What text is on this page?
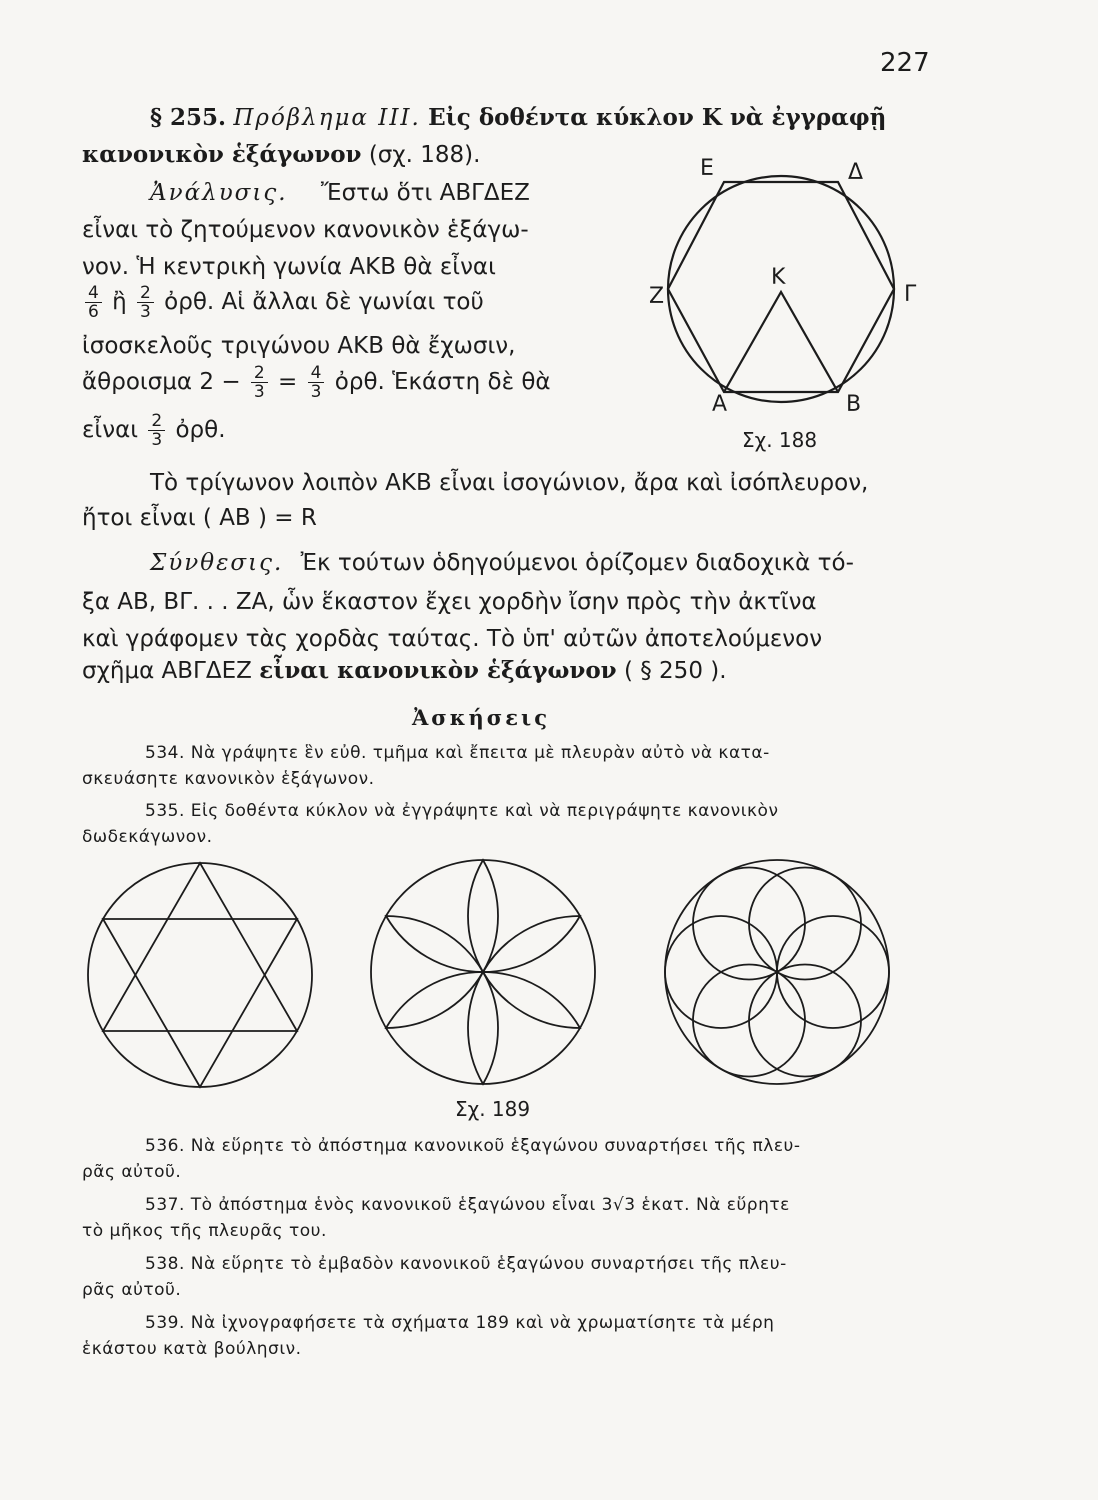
227
§ 255. Πρόβλημα III. Εἰς δοθέντα κύκλον Κ νὰ ἐγγραφῇ
κανονικὸν ἑξάγωνον (σχ. 188).
Ἀνάλυσις. Ἔστω ὅτι ΑΒΓΔΕΖ
εἶναι τὸ ζητούμενον κανονικὸν ἑξάγω-
νον. Ἡ κεντρικὴ γωνία ΑΚΒ θὰ εἶναι
$\frac{4}{6}$ ἢ $\frac{2}{3}$ ὀρθ. Αἱ ἄλλαι δὲ γωνίαι τοῦ
ἰσοσκελοῦς τριγώνου ΑΚΒ θὰ ἔχωσιν,
ἄθροισμα $2 - \frac{2}{3} = \frac{4}{3}$ ὀρθ. Ἑκάστη δὲ θὰ
εἶναι $\frac{2}{3}$ ὀρθ.
Ε	Δ
Ζ	Γ
Κ
Α	Β
Σχ. 188
Τὸ τρίγωνον λοιπὸν ΑΚΒ εἶναι ἰσογώνιον, ἄρα καὶ ἰσόπλευρον,
ἤτοι εἶναι ( ΑΒ ) = R
Σύνθεσις. Ἐκ τούτων ὁδηγούμενοι ὁρίζομεν διαδοχικὰ τό-
ξα ΑΒ, ΒΓ. . . ΖΑ, ὧν ἕκαστον ἔχει χορδὴν ἴσην πρὸς τὴν ἀκτῖνα
καὶ γράφομεν τὰς χορδὰς ταύτας. Τὸ ὑπ' αὐτῶν ἀποτελούμενον
σχῆμα ΑΒΓΔΕΖ εἶναι κανονικὸν ἑξάγωνον ( § 250 ).
Ἀσκήσεις
534. Νὰ γράψητε ἓν εὐθ. τμῆμα καὶ ἔπειτα μὲ πλευρὰν αὐτὸ νὰ κατα-
σκευάσητε κανονικὸν ἑξάγωνον.
535. Εἰς δοθέντα κύκλον νὰ ἐγγράψητε καὶ νὰ περιγράψητε κανονικὸν
δωδεκάγωνον.
Σχ. 189
536. Νὰ εὕρητε τὸ ἀπόστημα κανονικοῦ ἑξαγώνου συναρτήσει τῆς πλευ-
ρᾶς αὐτοῦ.
537. Τὸ ἀπόστημα ἑνὸς κανονικοῦ ἑξαγώνου εἶναι 3√3 ἑκατ. Νὰ εὕρητε
τὸ μῆκος τῆς πλευρᾶς του.
538. Νὰ εὕρητε τὸ ἐμβαδὸν κανονικοῦ ἑξαγώνου συναρτήσει τῆς πλευ-
ρᾶς αὐτοῦ.
539. Νὰ ἰχνογραφήσετε τὰ σχήματα 189 καὶ νὰ χρωματίσητε τὰ μέρη
ἑκάστου κατὰ βούλησιν.
